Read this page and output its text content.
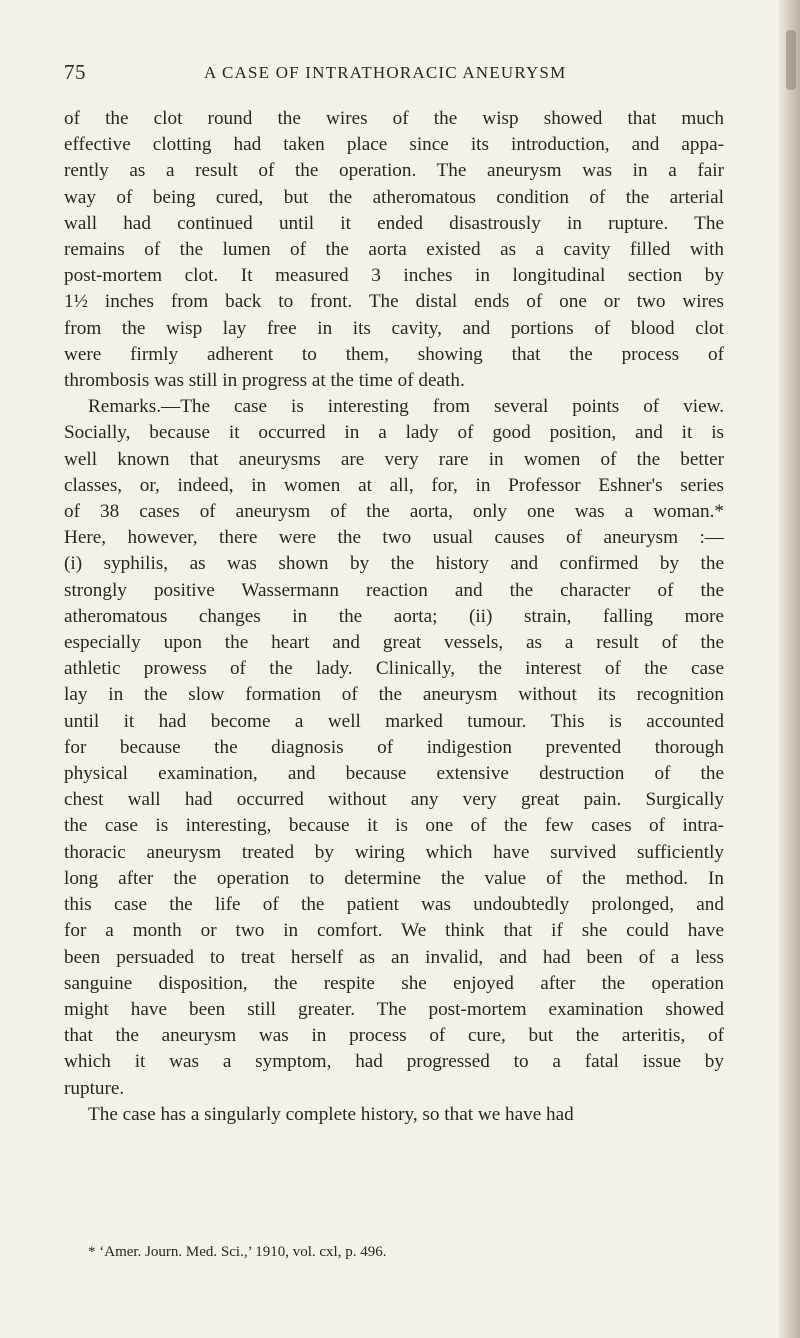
75	A CASE OF INTRATHORACIC ANEURYSM
of the clot round the wires of the wisp showed that much
effective clotting had taken place since its introduction, and appa-
rently as a result of the operation. The aneurysm was in a fair
way of being cured, but the atheromatous condition of the arterial
wall had continued until it ended disastrously in rupture. The
remains of the lumen of the aorta existed as a cavity filled with
post-mortem clot. It measured 3 inches in longitudinal section by
1½ inches from back to front. The distal ends of one or two wires
from the wisp lay free in its cavity, and portions of blood clot
were firmly adherent to them, showing that the process of
thrombosis was still in progress at the time of death.
Remarks.—The case is interesting from several points of view.
Socially, because it occurred in a lady of good position, and it is
well known that aneurysms are very rare in women of the better
classes, or, indeed, in women at all, for, in Professor Eshner's series
of 38 cases of aneurysm of the aorta, only one was a woman.*
Here, however, there were the two usual causes of aneurysm :—
(i) syphilis, as was shown by the history and confirmed by the
strongly positive Wassermann reaction and the character of the
atheromatous changes in the aorta; (ii) strain, falling more
especially upon the heart and great vessels, as a result of the
athletic prowess of the lady. Clinically, the interest of the case
lay in the slow formation of the aneurysm without its recognition
until it had become a well marked tumour. This is accounted
for because the diagnosis of indigestion prevented thorough
physical examination, and because extensive destruction of the
chest wall had occurred without any very great pain. Surgically
the case is interesting, because it is one of the few cases of intra-
thoracic aneurysm treated by wiring which have survived sufficiently
long after the operation to determine the value of the method. In
this case the life of the patient was undoubtedly prolonged, and
for a month or two in comfort. We think that if she could have
been persuaded to treat herself as an invalid, and had been of a less
sanguine disposition, the respite she enjoyed after the operation
might have been still greater. The post-mortem examination showed
that the aneurysm was in process of cure, but the arteritis, of
which it was a symptom, had progressed to a fatal issue by
rupture.
The case has a singularly complete history, so that we have had
* ‘Amer. Journ. Med. Sci.,’ 1910, vol. cxl, p. 496.
